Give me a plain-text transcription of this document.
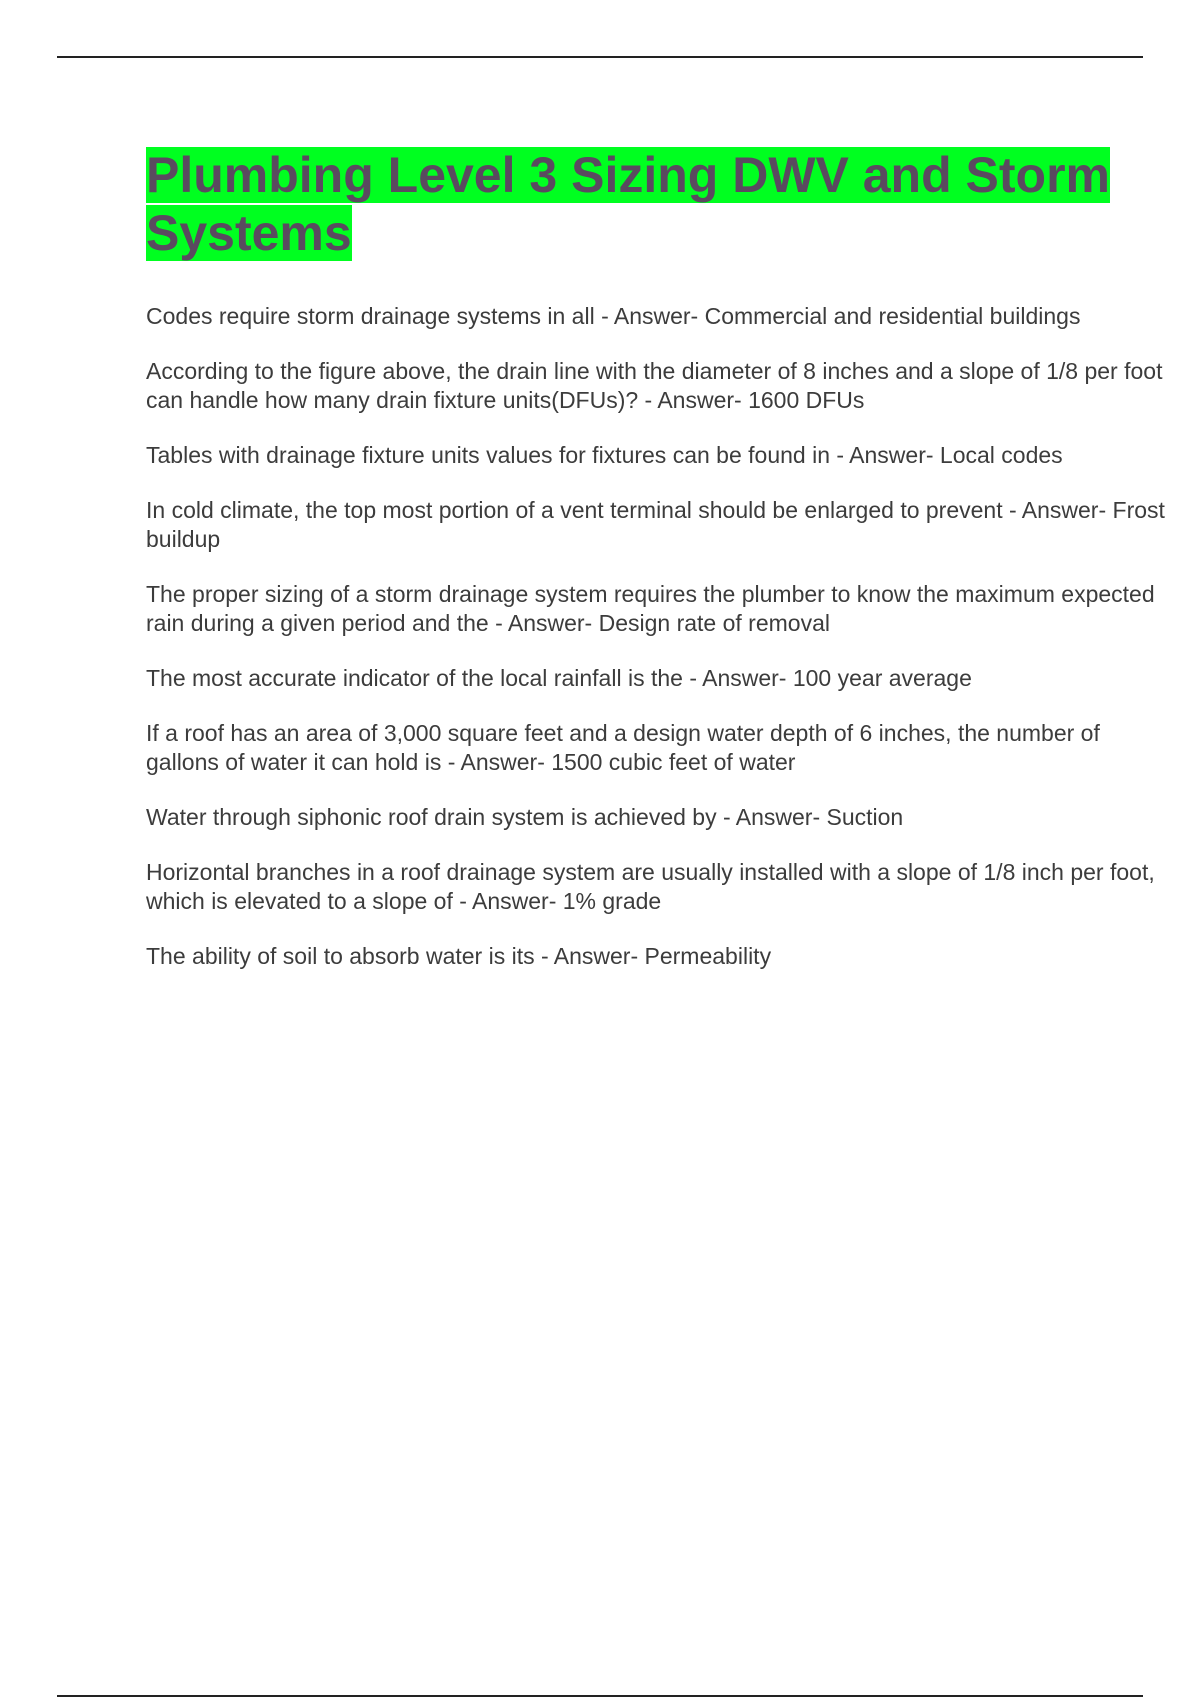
Plumbing Level 3 Sizing DWV and Storm Systems

Codes require storm drainage systems in all - Answer- Commercial and residential buildings

According to the figure above, the drain line with the diameter of 8 inches and a slope of 1/8 per foot can handle how many drain fixture units(DFUs)? - Answer- 1600 DFUs

Tables with drainage fixture units values for fixtures can be found in - Answer- Local codes

In cold climate, the top most portion of a vent terminal should be enlarged to prevent - Answer- Frost buildup

The proper sizing of a storm drainage system requires the plumber to know the maximum expected rain during a given period and the - Answer- Design rate of removal

The most accurate indicator of the local rainfall is the - Answer- 100 year average

If a roof has an area of 3,000 square feet and a design water depth of 6 inches, the number of gallons of water it can hold is - Answer- 1500 cubic feet of water

Water through siphonic roof drain system is achieved by - Answer- Suction

Horizontal branches in a roof drainage system are usually installed with a slope of 1/8 inch per foot, which is elevated to a slope of - Answer- 1% grade

The ability of soil to absorb water is its - Answer- Permeability
